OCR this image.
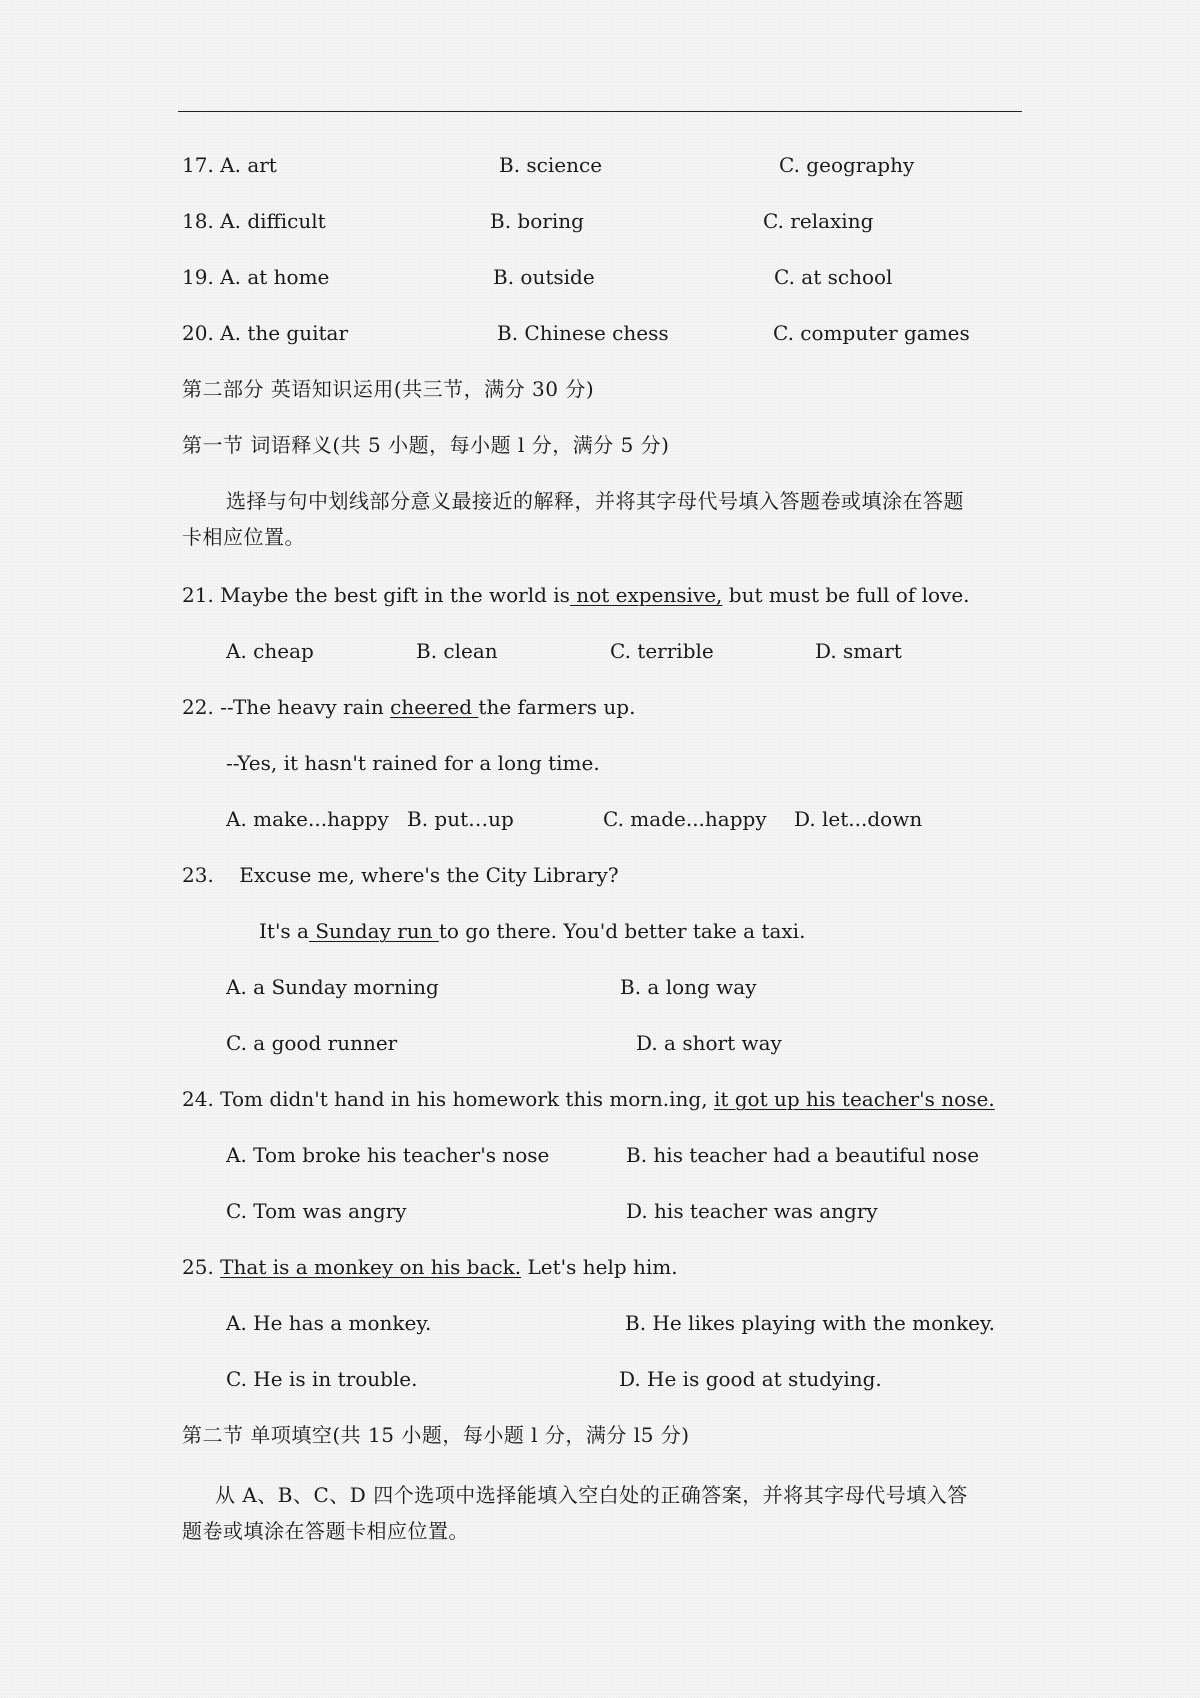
17. A. art	B. science	C. geography
18. A. difficult	B. boring	C. relaxing
19. A. at home	B. outside	C. at school
20. A. the guitar	B. Chinese chess	C. computer games
第二部分 英语知识运用(共三节，满分 30 分)
第一节 词语释义(共 5 小题，每小题 l 分，满分 5 分)
选择与句中划线部分意义最接近的解释，并将其字母代号填入答题卷或填涂在答题
卡相应位置。
21. Maybe the best gift in the world is not expensive, but must be full of love.
A. cheap	B. clean	C. terrible	D. smart
22. --The heavy rain cheered the farmers up.
--Yes, it hasn't rained for a long time.
A. make...happy B. put…up	C. made...happy D. let...down
23.    Excuse me, where's the City Library?
It's a Sunday run to go there. You'd better take a taxi.
A. a Sunday morning	B. a long way
C. a good runner	D. a short way
24. Tom didn't hand in his homework this morn.ing, it got up his teacher's nose.
A. Tom broke his teacher's nose	B. his teacher had a beautiful nose
C. Tom was angry	D. his teacher was angry
25. That is a monkey on his back. Let's help him.
A. He has a monkey.	B. He likes playing with the monkey.
C. He is in trouble.	D. He is good at studying.
第二节 单项填空(共 15 小题，每小题 l 分，满分 l5 分)
从 A、B、C、D 四个选项中选择能填入空白处的正确答案，并将其字母代号填入答
题卷或填涂在答题卡相应位置。
